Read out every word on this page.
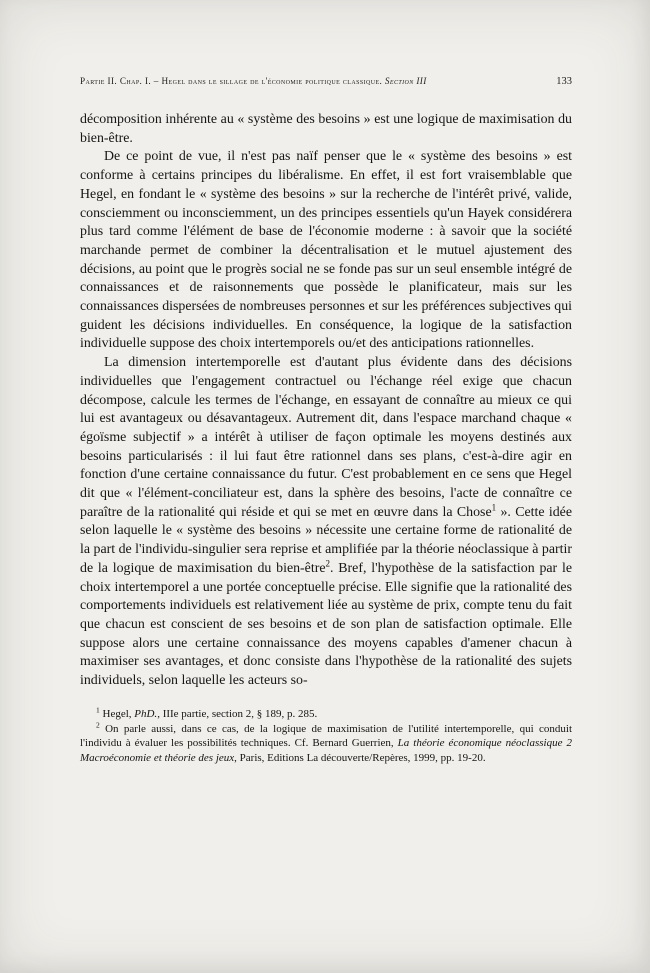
Partie II. Chap. I. – Hegel dans le sillage de l'économie politique classique. Section III	133

décomposition inhérente au « système des besoins » est une logique de maximisation du bien-être.

De ce point de vue, il n'est pas naïf penser que le « système des besoins » est conforme à certains principes du libéralisme. En effet, il est fort vraisemblable que Hegel, en fondant le « système des besoins » sur la recherche de l'intérêt privé, valide, consciemment ou inconsciemment, un des principes essentiels qu'un Hayek considérera plus tard comme l'élément de base de l'économie moderne : à savoir que la société marchande permet de combiner la décentralisation et le mutuel ajustement des décisions, au point que le progrès social ne se fonde pas sur un seul ensemble intégré de connaissances et de raisonnements que possède le planificateur, mais sur les connaissances dispersées de nombreuses personnes et sur les préférences subjectives qui guident les décisions individuelles. En conséquence, la logique de la satisfaction individuelle suppose des choix intertemporels ou/et des anticipations rationnelles.

La dimension intertemporelle est d'autant plus évidente dans des décisions individuelles que l'engagement contractuel ou l'échange réel exige que chacun décompose, calcule les termes de l'échange, en essayant de connaître au mieux ce qui lui est avantageux ou désavantageux. Autrement dit, dans l'espace marchand chaque « égoïsme subjectif » a intérêt à utiliser de façon optimale les moyens destinés aux besoins particularisés : il lui faut être rationnel dans ses plans, c'est-à-dire agir en fonction d'une certaine connaissance du futur. C'est probablement en ce sens que Hegel dit que « l'élément-conciliateur est, dans la sphère des besoins, l'acte de connaître ce paraître de la rationalité qui réside et qui se met en œuvre dans la Chose$^1$ ». Cette idée selon laquelle le « système des besoins » nécessite une certaine forme de rationalité de la part de l'individu-singulier sera reprise et amplifiée par la théorie néoclassique à partir de la logique de maximisation du bien-être$^2$. Bref, l'hypothèse de la satisfaction par le choix intertemporel a une portée conceptuelle précise. Elle signifie que la rationalité des comportements individuels est relativement liée au système de prix, compte tenu du fait que chacun est conscient de ses besoins et de son plan de satisfaction optimale. Elle suppose alors une certaine connaissance des moyens capables d'amener chacun à maximiser ses avantages, et donc consiste dans l'hypothèse de la rationalité des sujets individuels, selon laquelle les acteurs so-

$^1$ Hegel, PhD., IIIe partie, section 2, § 189, p. 285.

$^2$ On parle aussi, dans ce cas, de la logique de maximisation de l'utilité intertemporelle, qui conduit l'individu à évaluer les possibilités techniques. Cf. Bernard Guerrien, La théorie économique néoclassique 2 Macroéconomie et théorie des jeux, Paris, Editions La découverte/Repères, 1999, pp. 19-20.
